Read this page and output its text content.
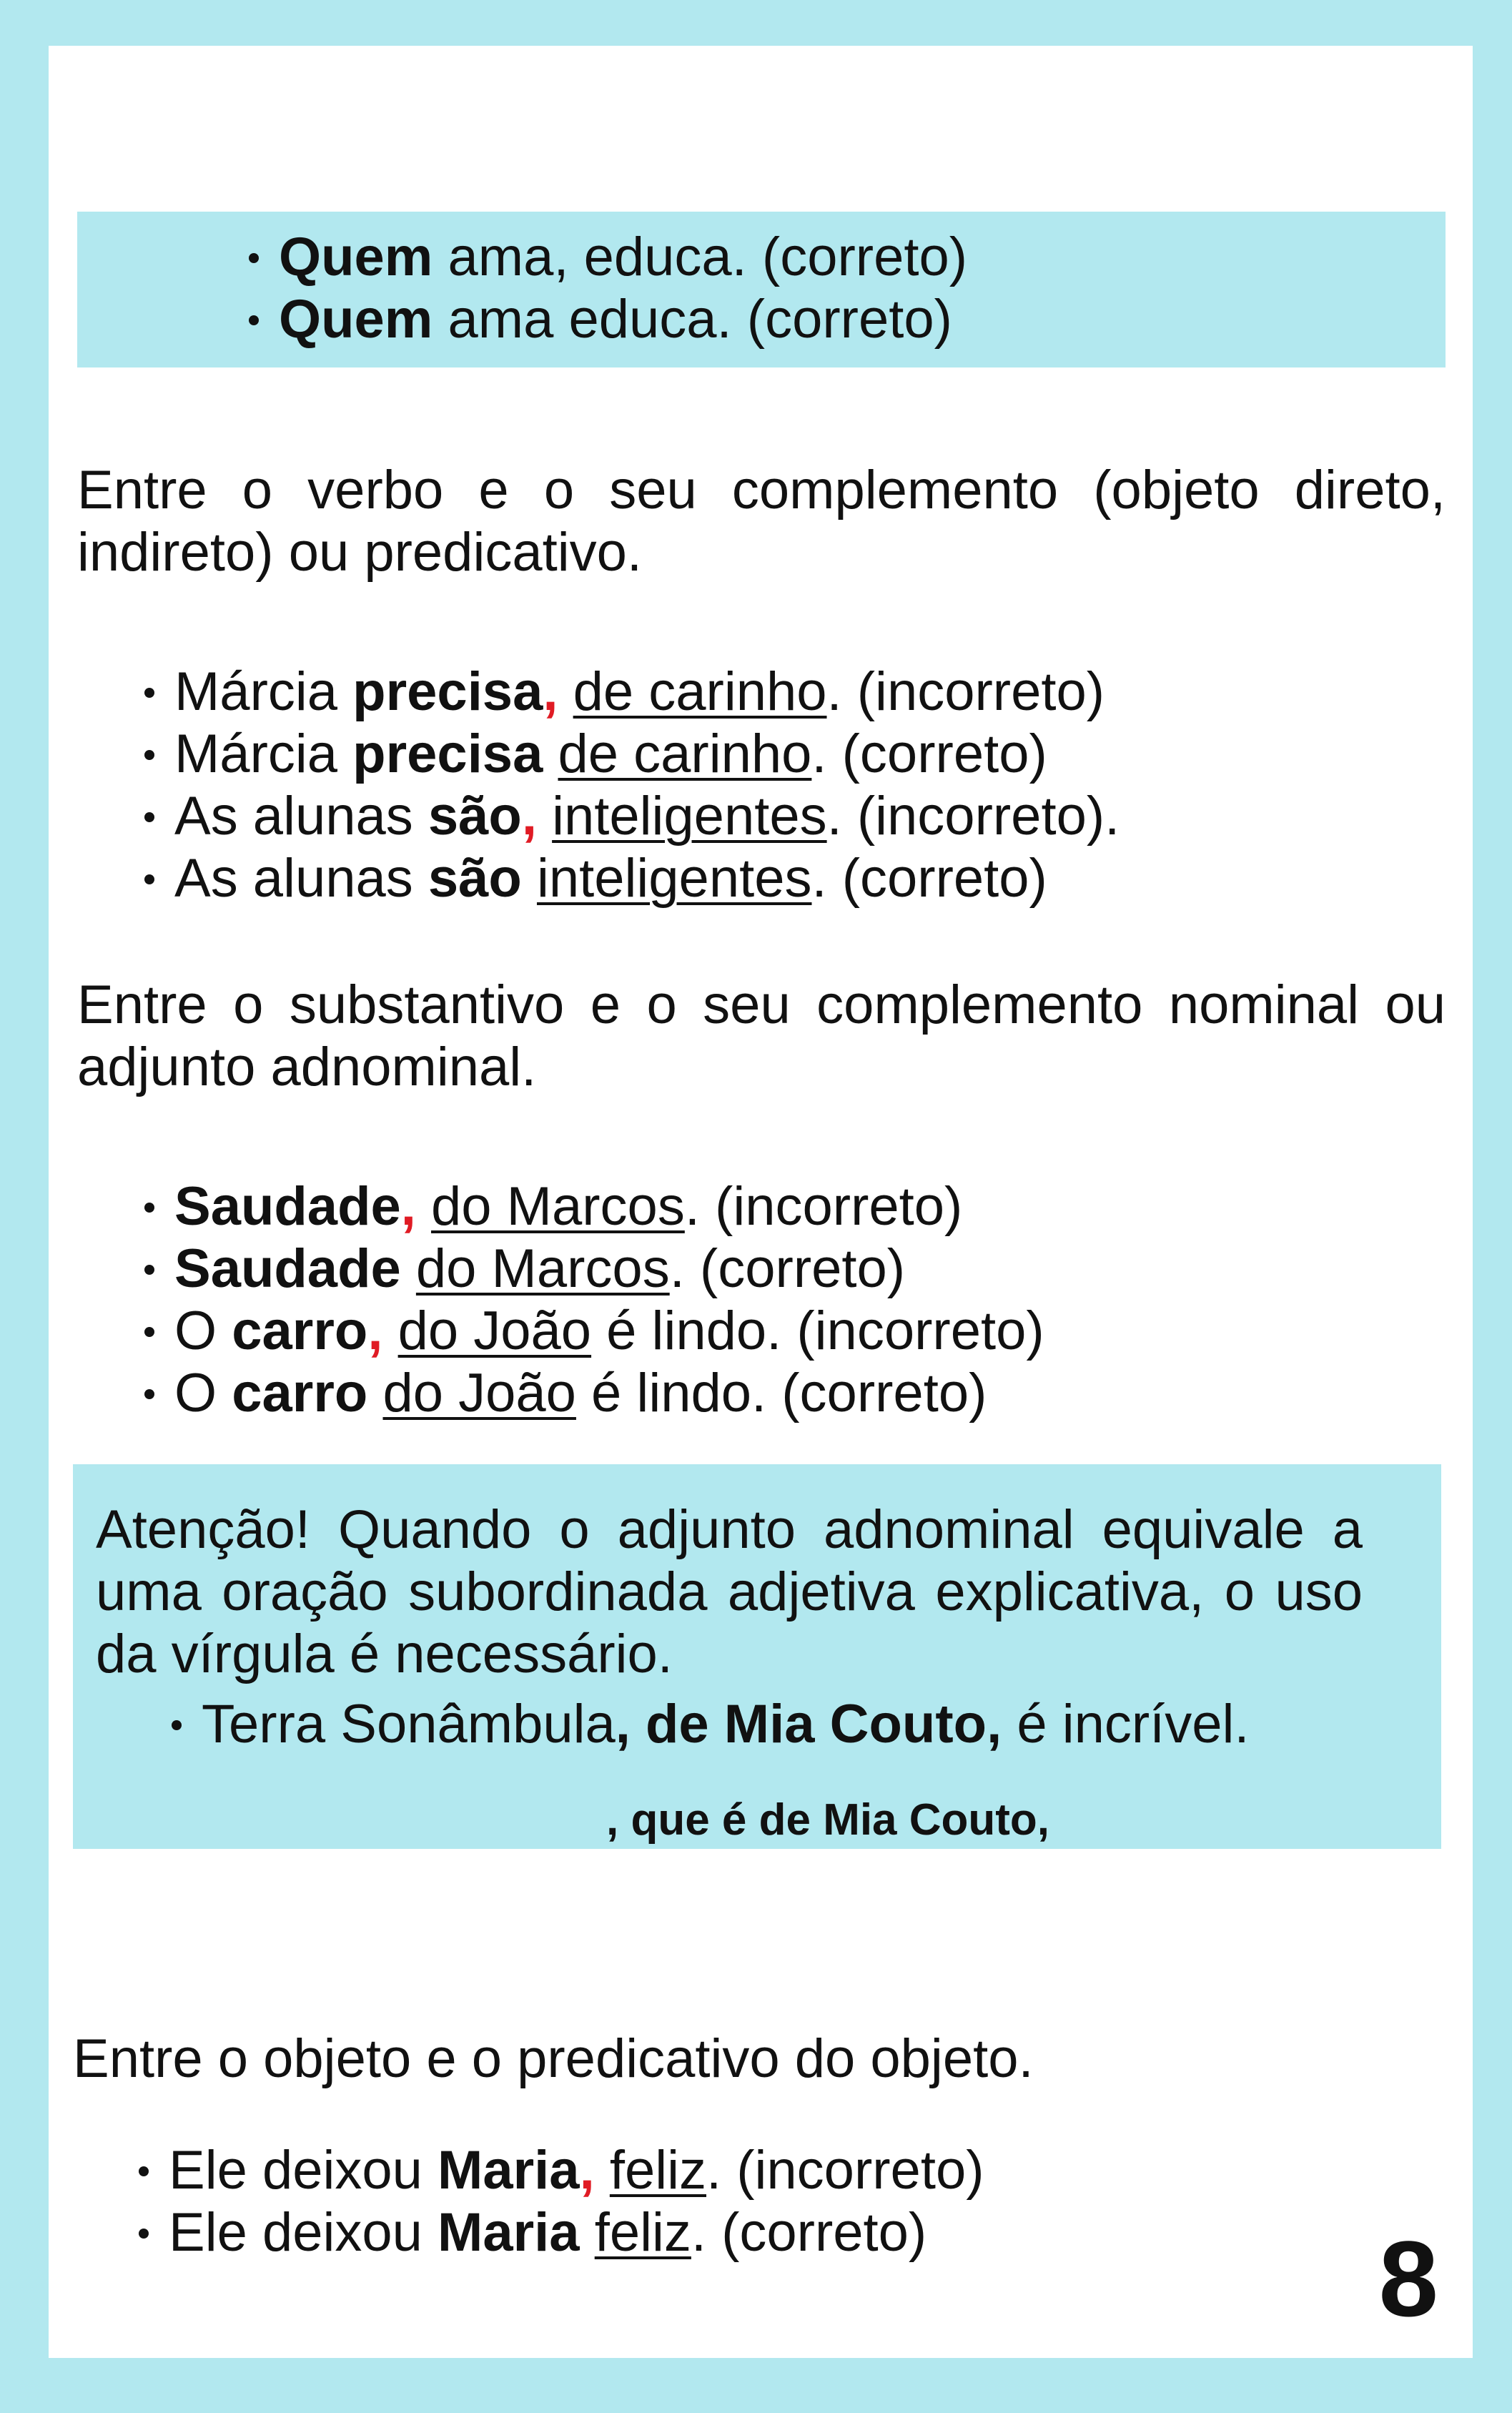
Quem ama, educa. (correto)
Quem ama educa. (correto)

Entre o verbo e o seu complemento (objeto direto, indireto) ou predicativo.

Márcia precisa, de carinho. (incorreto)
Márcia precisa de carinho. (correto)
As alunas são, inteligentes. (incorreto).
As alunas são inteligentes. (correto)

Entre o substantivo e o seu complemento nominal ou adjunto adnominal.

Saudade, do Marcos. (incorreto)
Saudade do Marcos. (correto)
O carro, do João é lindo. (incorreto)
O carro do João é lindo. (correto)

Atenção! Quando o adjunto adnominal equivale a uma oração subordinada adjetiva explicativa, o uso da vírgula é necessário.

Terra Sonâmbula, de Mia Couto, é incrível.
, que é de Mia Couto,

Entre o objeto e o predicativo do objeto.

Ele deixou Maria, feliz. (incorreto)
Ele deixou Maria feliz. (correto)	8
